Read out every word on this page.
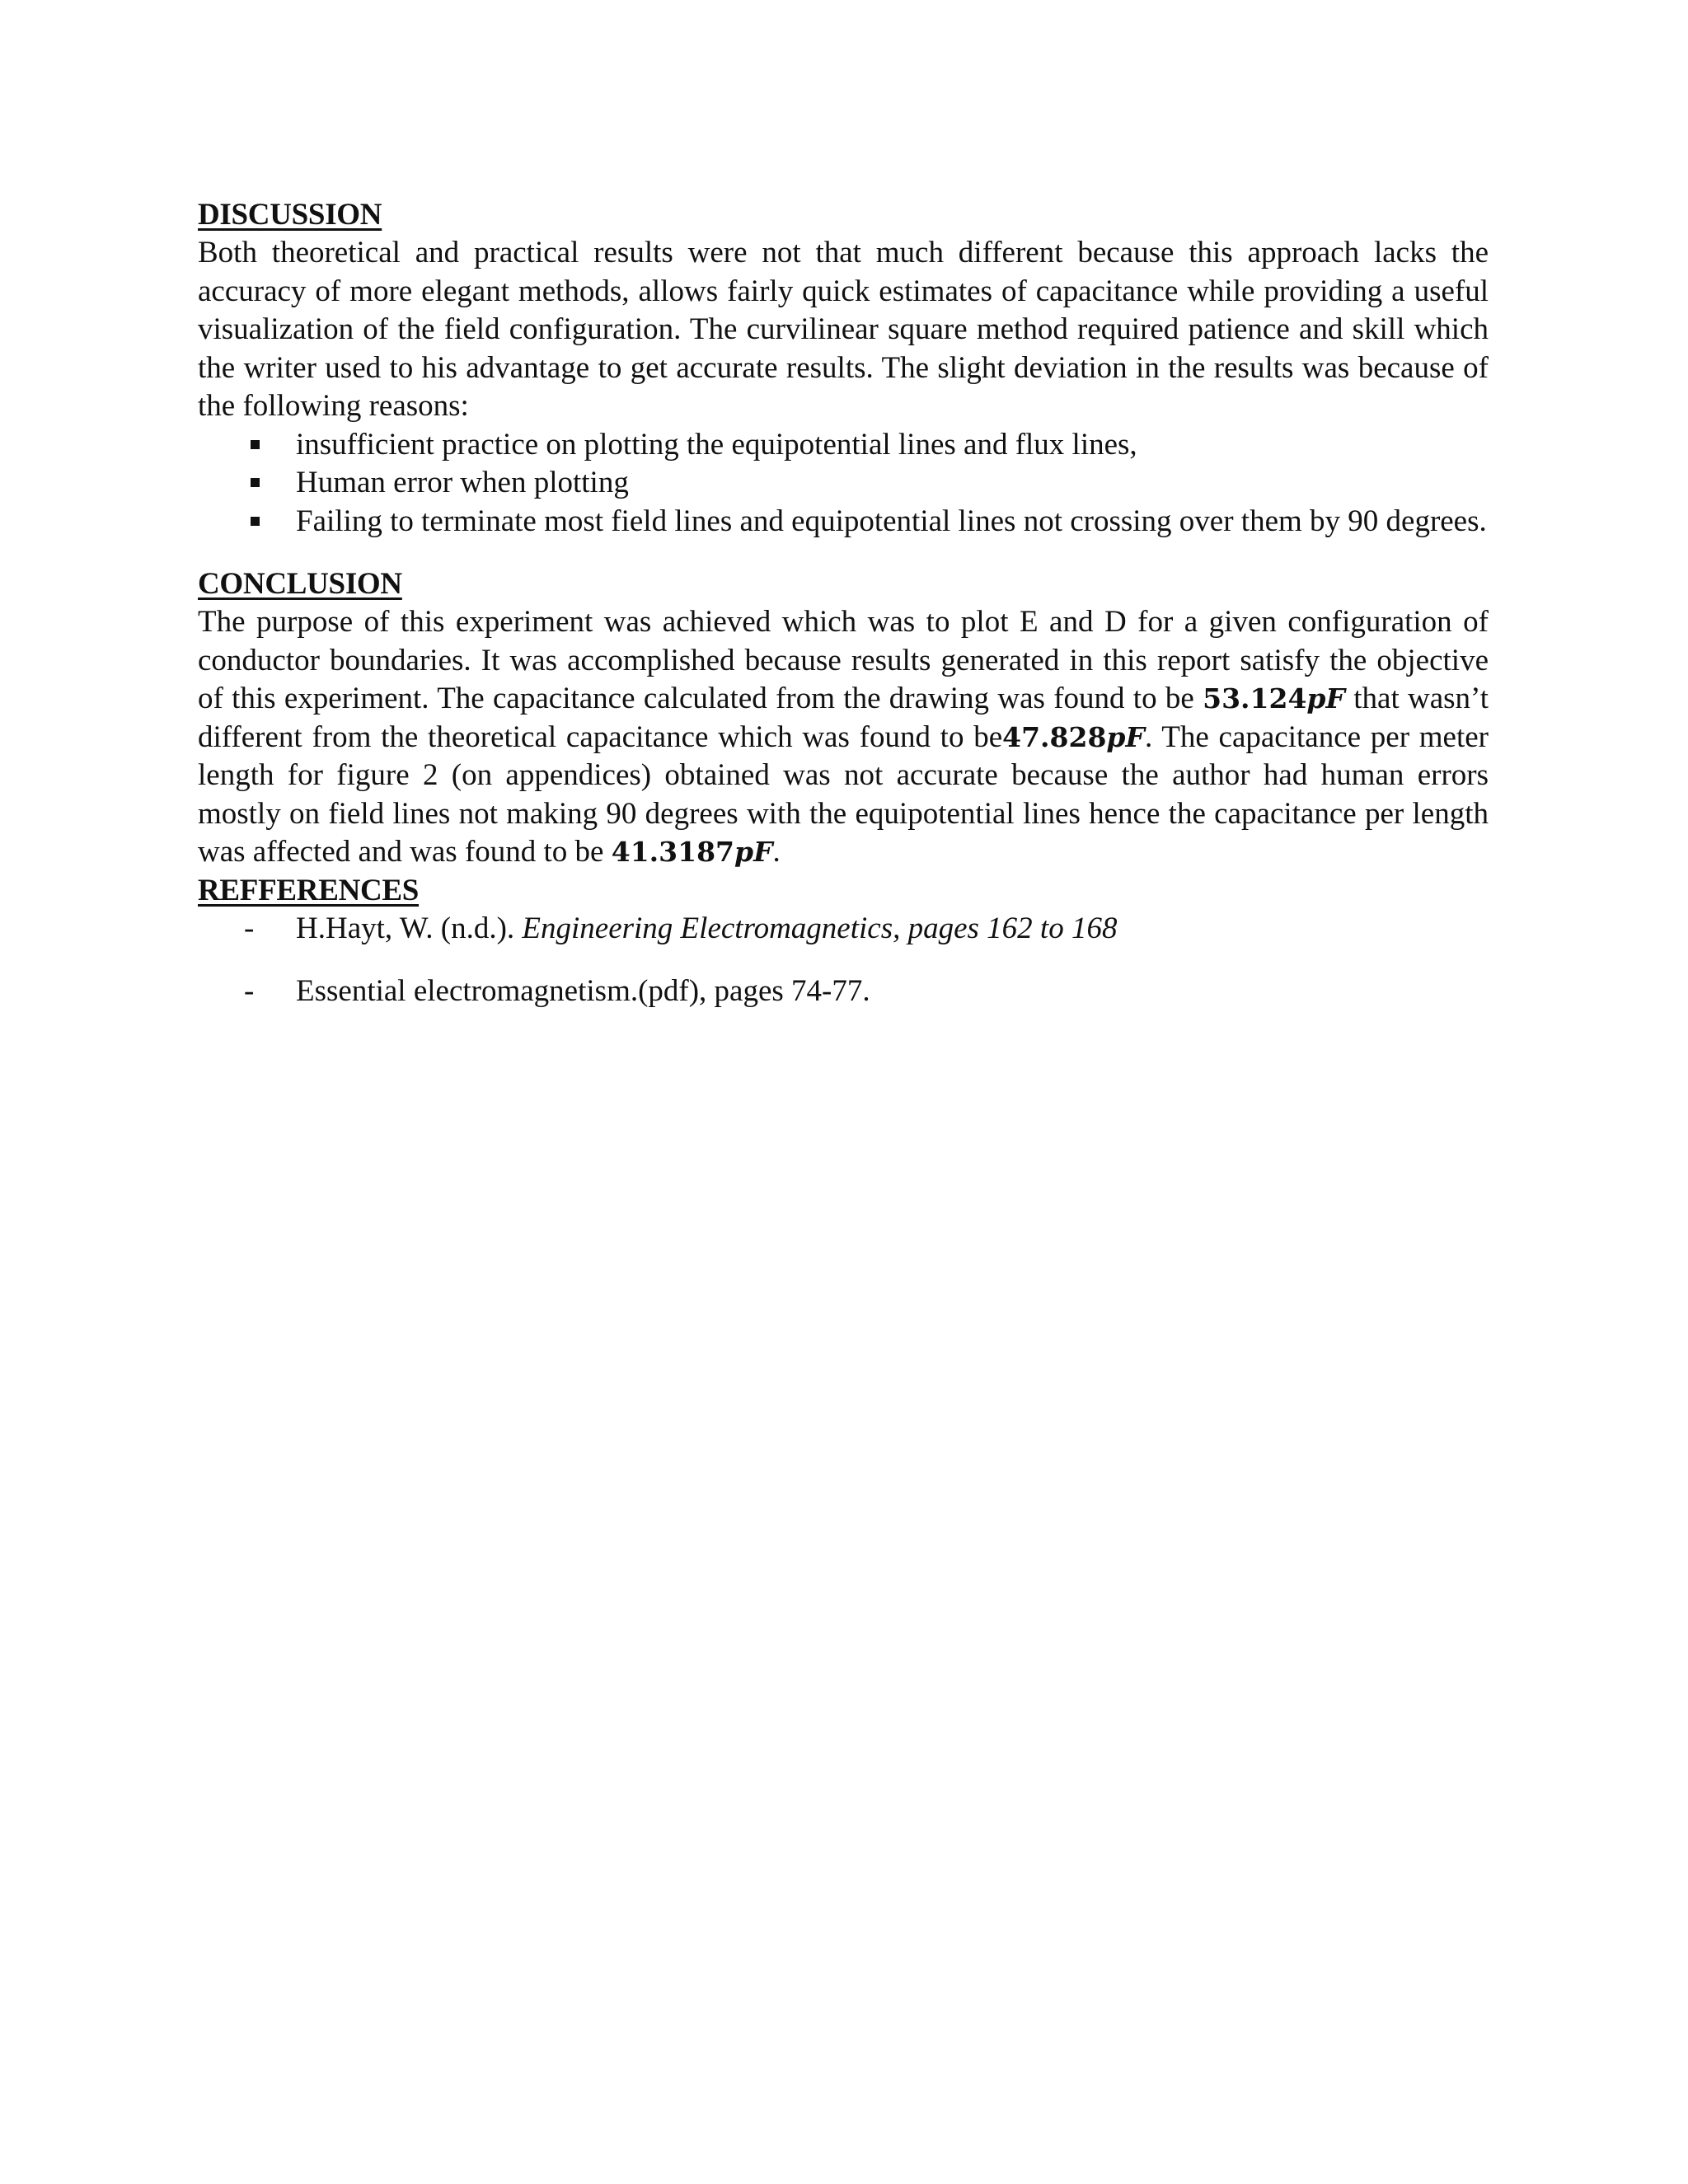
DISCUSSION

Both theoretical and practical results were not that much different because this approach lacks the accuracy of more elegant methods, allows fairly quick estimates of capacitance while providing a useful visualization of the field configuration. The curvilinear square method required patience and skill which the writer used to his advantage to get accurate results. The slight deviation in the results was because of the following reasons:

insufficient practice on plotting the equipotential lines and flux lines,
Human error when plotting
Failing to terminate most field lines and equipotential lines not crossing over them by 90 degrees.
CONCLUSION

The purpose of this experiment was achieved which was to plot E and D for a given configuration of conductor boundaries. It was accomplished because results generated in this report satisfy the objective of this experiment. The capacitance calculated from the drawing was found to be 53.124pF that wasn’t different from the theoretical capacitance which was found to be47.828pF. The capacitance per meter length for figure 2 (on appendices) obtained was not accurate because the author had human errors mostly on field lines not making 90 degrees with the equipotential lines hence the capacitance per length was affected and was found to be 41.3187pF.

REFFERENCES
- H.Hayt, W. (n.d.). Engineering Electromagnetics, pages 162 to 168
- Essential electromagnetism.(pdf), pages 74-77.
